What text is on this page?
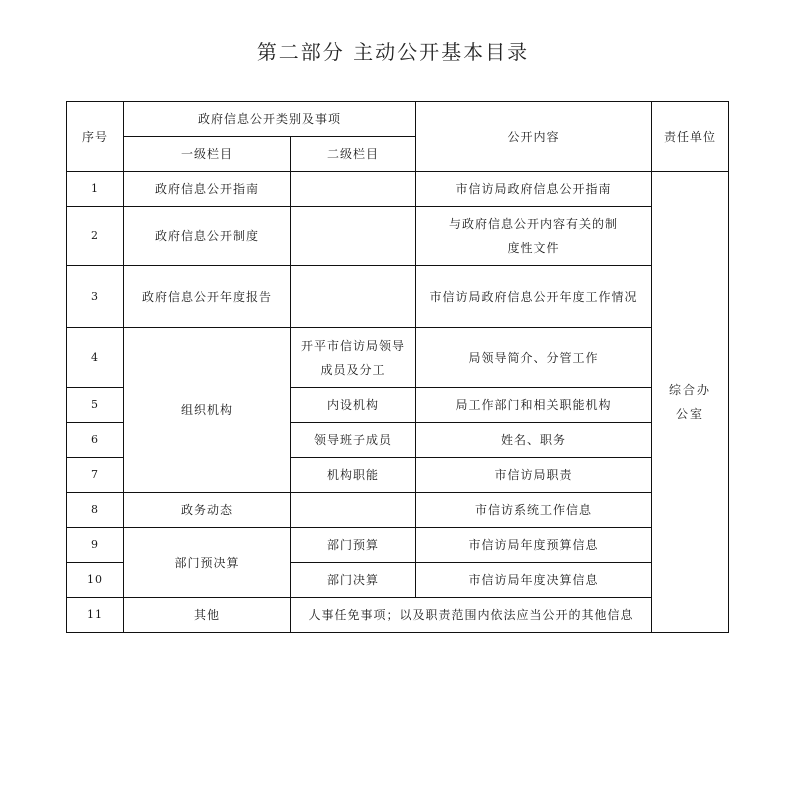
第二部分 主动公开基本目录
序号	政府信息公开类别及事项		公开内容	责任单位
	一级栏目	二级栏目		
1	政府信息公开指南		市信访局政府信息公开指南	综合办公室

2	政府信息公开制度		与政府信息公开内容有关的制度性文件	

3	政府信息公开年度报告		市信访局政府信息公开年度工作情况	
4	组织机构	开平市信访局领导成员及分工	局领导简介、分管工作	
5		内设机构	局工作部门和相关职能机构	
6		领导班子成员	姓名、职务	
7		机构职能	市信访局职责	
8	政务动态		市信访系统工作信息	
9	部门预决算	部门预算	市信访局年度预算信息	
10		部门决算	市信访局年度决算信息	
11	其他	人事任免事项；以及职责范围内依法应当公开的其他信息		
